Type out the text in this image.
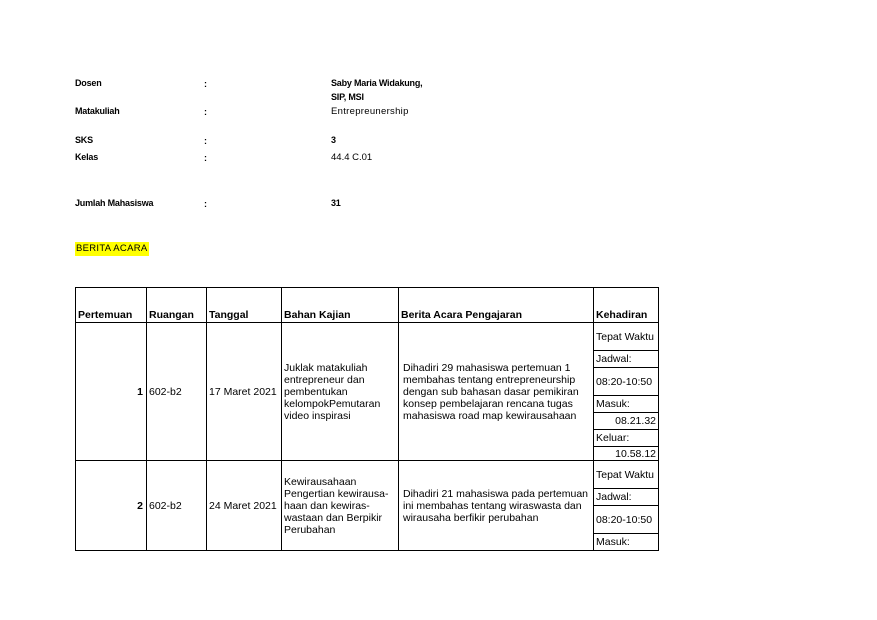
Dosen	:	Saby Maria Widakung,
SIP, MSI
Matakuliah	:	Entrepreunership
SKS	:	3
Kelas	:	44.4 C.01
Jumlah Mahasiswa	:	31
BERITA ACARA
Pertemuan	Ruangan	Tanggal	Bahan Kajian	Berita Acara Pengajaran	Kehadiran
1	602-b2	17 Maret 2021	Juklak matakuliah entrepreneur dan pembentukan kelompokPemutaran video inspirasi	Dihadiri 29 mahasiswa pertemuan 1 membahas tentang entrepreneurship dengan sub bahasan dasar pemikiran konsep pembelajaran rencana tugas mahasiswa road map kewirausahaan	Tepat Waktu
					Jadwal:
					08:20-10:50
					Masuk:
					08.21.32
					Keluar:
					10.58.12
2	602-b2	24 Maret 2021	Kewirausahaan Pengertian kewirausa-haan dan kewiras-wastaan dan Berpikir Perubahan	Dihadiri 21 mahasiswa pada pertemuan ini membahas tentang wiraswasta dan wirausaha berfikir perubahan	Tepat Waktu
					Jadwal:
					08:20-10:50
					Masuk:
